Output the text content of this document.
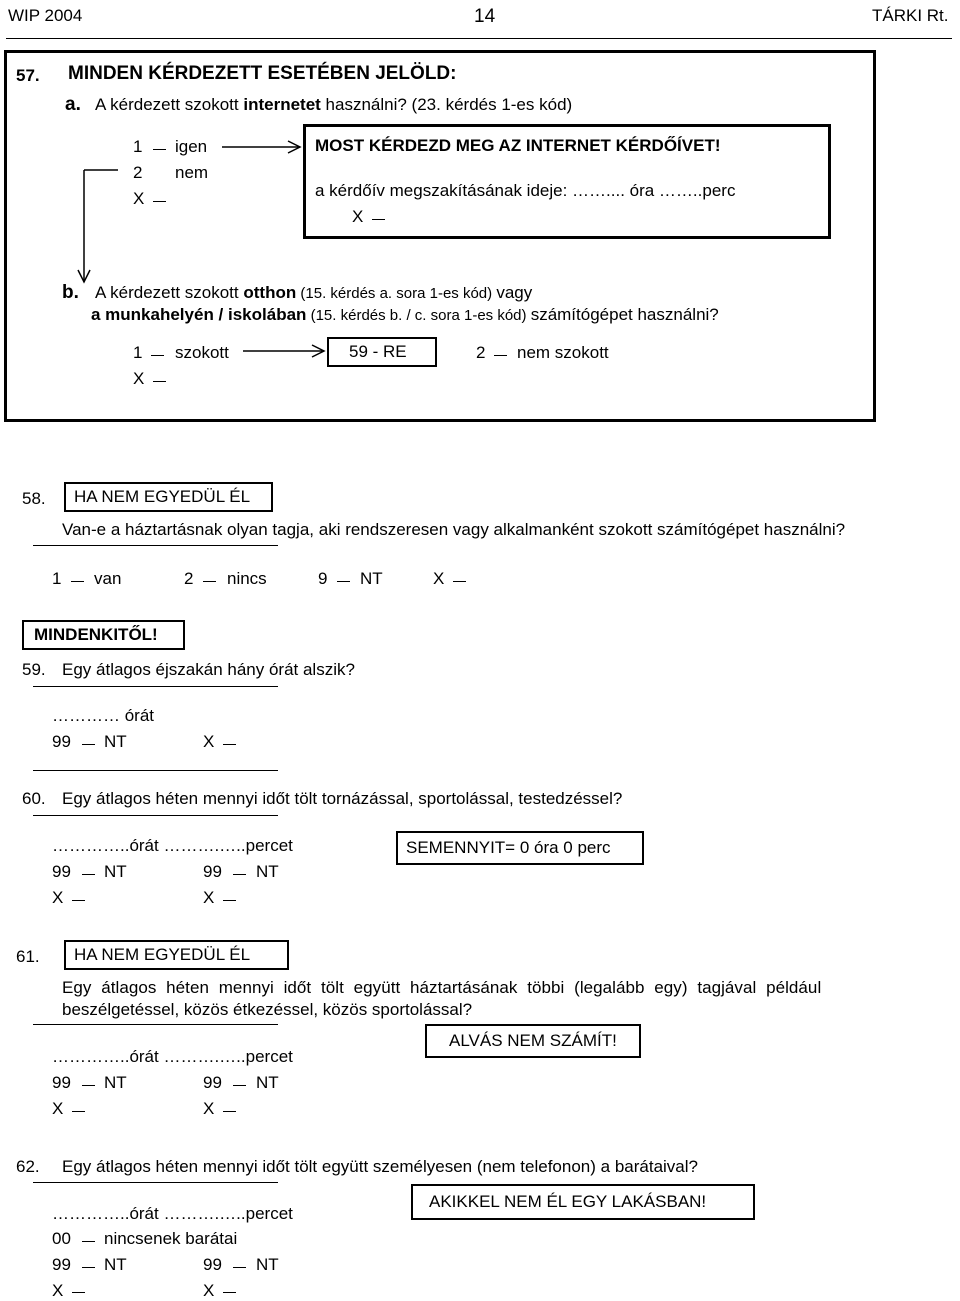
WIP 2004	14	TÁRKI Rt.
57. MINDEN KÉRDEZETT ESETÉBEN JELÖLD:
a. A kérdezett szokott internetet használni? (23. kérdés 1-es kód)
1 igen
2 nem
X
MOST KÉRDEZD MEG AZ INTERNET KÉRDŐÍVET!
a kérdőív megszakításának ideje: …….... óra ……..perc
X
b. A kérdezett szokott otthon (15. kérdés a. sora 1-es kód) vagy
a munkahelyén / iskolában (15. kérdés b. / c. sora 1-es kód) számítógépet használni?
1 szokott	59 - RE	2 nem szokott
X
58.	HA NEM EGYEDÜL ÉL
Van-e a háztartásnak olyan tagja, aki rendszeresen vagy alkalmanként szokott számítógépet használni?
1 van	2 nincs	9 NT	X
MINDENKITŐL!
59. Egy átlagos éjszakán hány órát alszik?
………… órát
99 NT	X
60. Egy átlagos héten mennyi időt tölt tornázással, sportolással, testedzéssel?
…………..órát ……….…..percet	SEMENNYIT= 0 óra 0 perc
99 NT	99 NT
X	X
61.	HA NEM EGYEDÜL ÉL
Egy átlagos héten mennyi időt tölt együtt háztartásának többi (legalább egy) tagjával például
beszélgetéssel, közös étkezéssel, közös sportolással?
ALVÁS NEM SZÁMÍT!
…………..órát ……….…..percet
99 NT	99 NT
X	X
62. Egy átlagos héten mennyi időt tölt együtt személyesen (nem telefonon) a barátaival?
AKIKKEL NEM ÉL EGY LAKÁSBAN!
…………..órát ……….…..percet
00 nincsenek barátai
99 NT	99 NT
X	X
